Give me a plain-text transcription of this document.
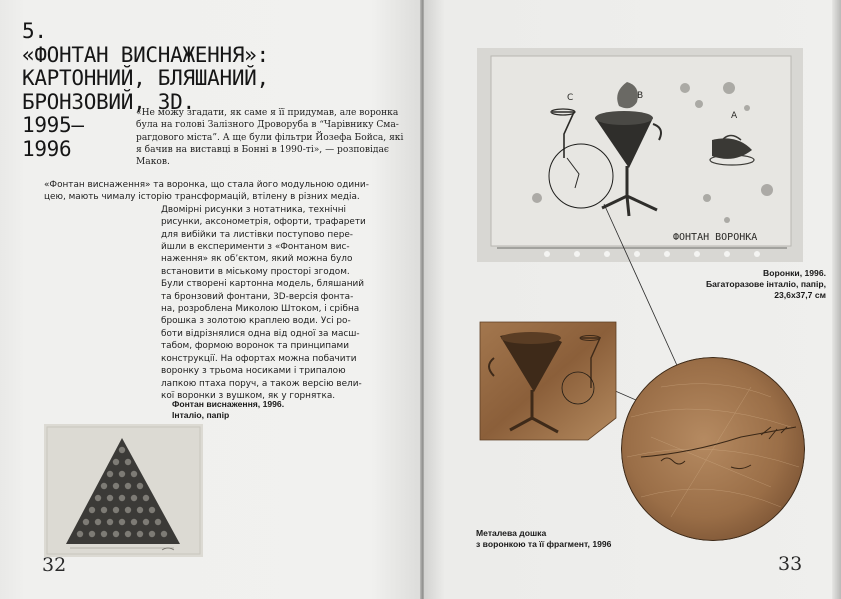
5.
«ФОНТАН ВИСНАЖЕННЯ»:
КАРТОННИЙ, БЛЯШАНИЙ,
БРОНЗОВИЙ, 3D.
1995—
1996
«Не можу згадати, як саме я її придумав, але воронка
була на голові Залізного Дроворуба в “Чарівнику Сма-
рагдового міста”. А ще були фільтри Йозефа Бойса, які
я бачив на виставці в Бонні в 1990-ті», — розповідає
Маков.
«Фонтан виснаження» та воронка, що стала його модульною одини-
цею, мають чималу історію трансформацій, втілену в різних медіа.
Двомірні рисунки з нотатника, технічні
рисунки, аксонометрія, офорти, трафарети
для вибійки та листівки поступово пере-
йшли в експерименти з «Фонтаном вис-
наження» як об’єктом, який можна було
встановити в міському просторі згодом.
Були створені картонна модель, бляшаний
та бронзовий фонтани, 3D-версія фонта-
на, розроблена Миколою Штоком, і срібна
брошка з золотою краплею води. Усі ро-
боти відрізнялися одна від одної за масш-
табом, формою воронок та принципами
конструкції. На офортах можна побачити
воронку з трьома носиками і трипалою
лапкою птаха поруч, а також версію вели-
кої воронки з вушком, як у горнятка.
Фонтан виснаження, 1996.
Інталіо, папір
32	33
C	B
A
ФОНТАН ВОРОНКА
Воронки, 1996.
Багаторазове інталіо, папір,
23,6x37,7 см
Металева дошка
з воронкою та її фрагмент, 1996
